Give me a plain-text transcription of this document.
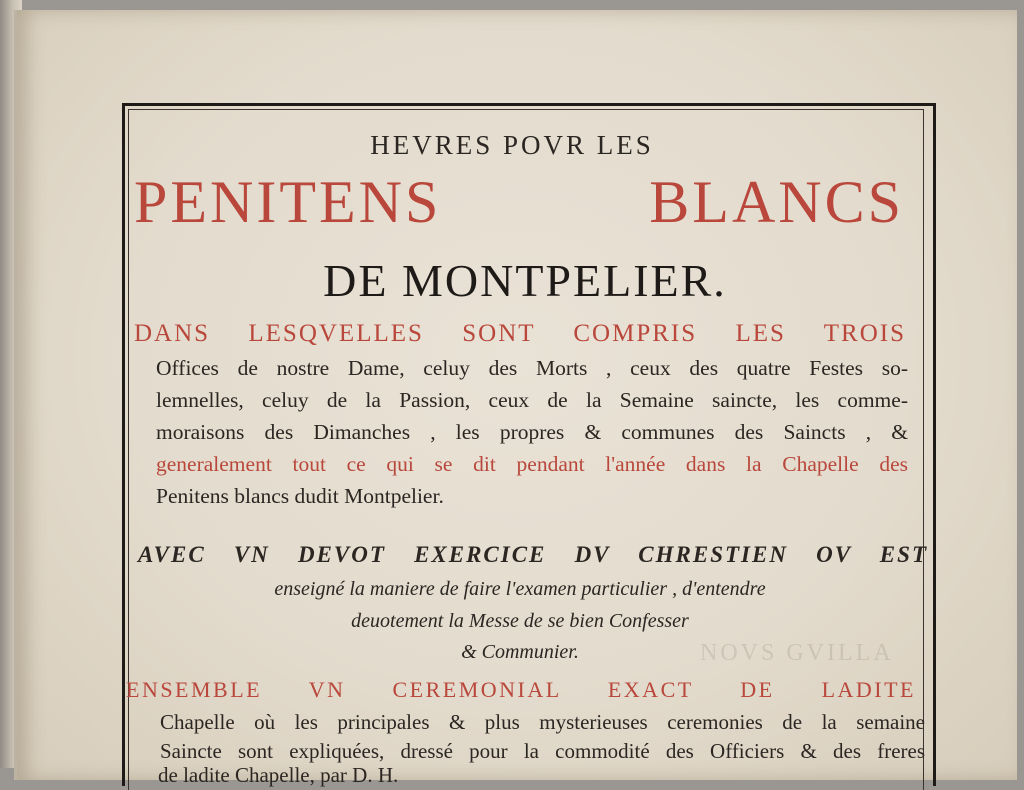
NOVS GVILLA
HEVRES POVR LES
PENITENS BLANCS
DE MONTPELIER.
DANS LESQVELLES SONT COMPRIS LES TROIS
Offices de nostre Dame, celuy des Morts , ceux des quatre Festes so-
lemnelles, celuy de la Passion, ceux de la Semaine saincte, les comme-
moraisons des Dimanches , les propres & communes des Saincts , &
generalement tout ce qui se dit pendant l'année dans la Chapelle des
Penitens blancs dudit Montpelier.
AVEC VN DEVOT EXERCICE DV CHRESTIEN OV EST
enseigné la maniere de faire l'examen particulier , d'entendre
deuotement la Messe de se bien Confesser
& Communier.
ENSEMBLE VN CEREMONIAL EXACT DE LADITE
Chapelle où les principales & plus mysterieuses ceremonies de la semaine
Saincte sont expliquées, dressé pour la commodité des Officiers & des freres
de ladite Chapelle, par D. H.
